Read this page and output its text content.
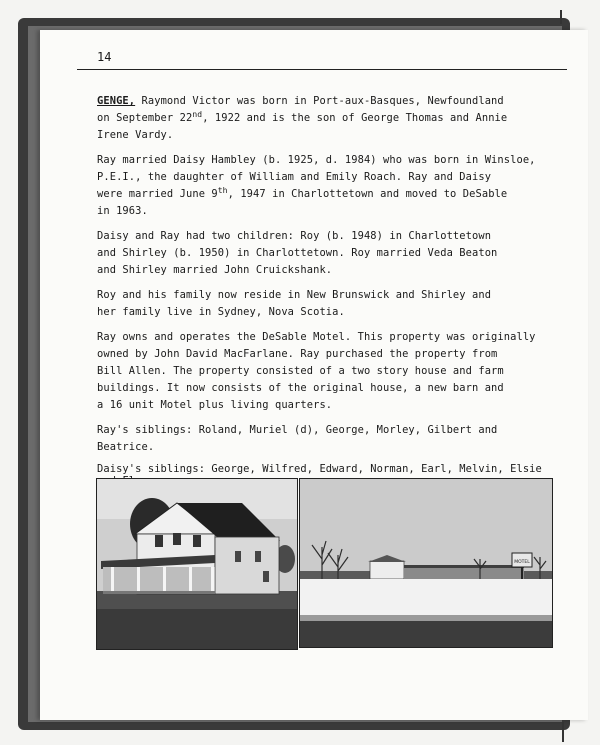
14

GENGE, Raymond Victor was born in Port-aux-Basques, Newfoundland
on September 22nd, 1922 and is the son of George Thomas and Annie
Irene Vardy.

Ray married Daisy Hambley (b. 1925, d. 1984) who was born in Winsloe,
P.E.I., the daughter of William and Emily Roach. Ray and Daisy
were married June 9th, 1947 in Charlottetown and moved to DeSable
in 1963.

Daisy and Ray had two children: Roy (b. 1948) in Charlottetown
and Shirley (b. 1950) in Charlottetown. Roy married Veda Beaton
and Shirley married John Cruickshank.

Roy and his family now reside in New Brunswick and Shirley and
her family live in Sydney, Nova Scotia.

Ray owns and operates the DeSable Motel. This property was originally
owned by John David MacFarlane. Ray purchased the property from
Bill Allen. The property consisted of a two story house and farm
buildings. It now consists of the original house, a new barn and
a 16 unit Motel plus living quarters.

Ray's siblings: Roland, Muriel (d), George, Morley, Gilbert and
Beatrice.

Daisy's siblings: George, Wilfred, Edward, Norman, Earl, Melvin, Elsie

MOTEL
